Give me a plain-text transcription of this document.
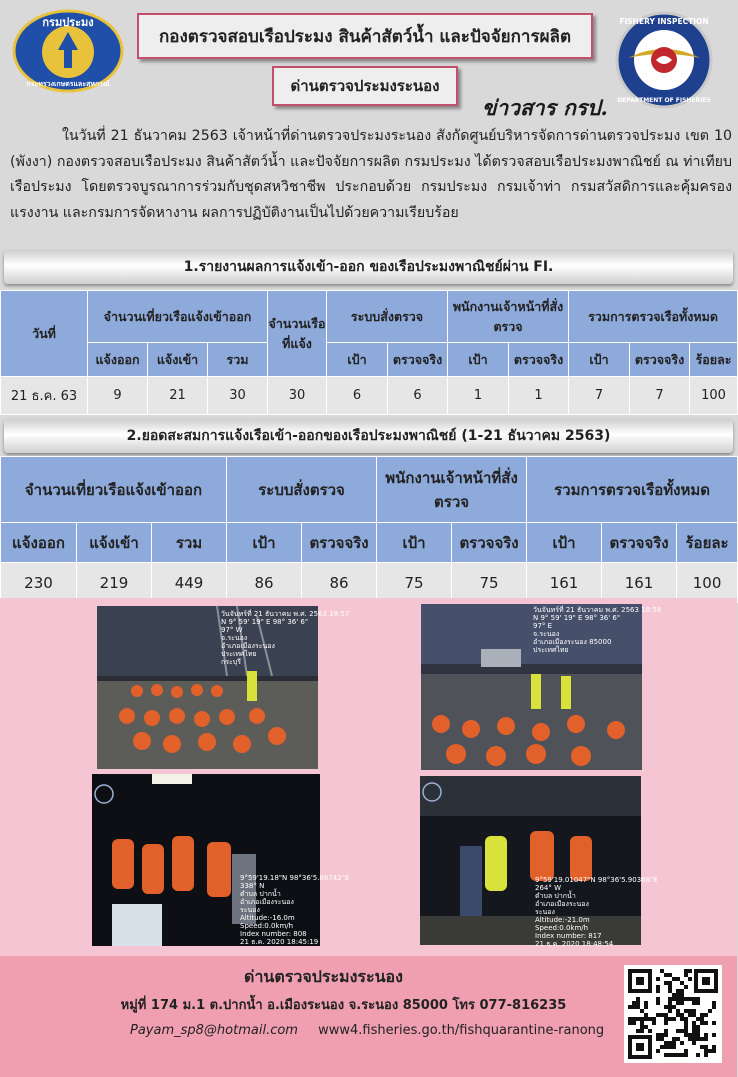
กรมประมง
กระทรวงเกษตรและสหกรณ์
กองตรวจสอบเรือประมง สินค้าสัตว์น้ำ และปัจจัยการผลิต
ด่านตรวจประมงระนอง
FISHERY INSPECTION
DEPARTMENT OF FISHERIES
ข่าวสาร กรป.

ในวันที่ 21 ธันวาคม 2563 เจ้าหน้าที่ด่านตรวจประมงระนอง สังกัดศูนย์บริหารจัดการด่านตรวจประมง เขต 10 (พังงา) กองตรวจสอบเรือประมง สินค้าสัตว์น้ำ และปัจจัยการผลิต กรมประมง ได้ตรวจสอบเรือประมงพาณิชย์ ณ ท่าเทียบเรือประมง โดยตรวจบูรณาการร่วมกับชุดสหวิชาชีพ ประกอบด้วย กรมประมง กรมเจ้าท่า กรมสวัสดิการและคุ้มครองแรงงาน และกรมการจัดหางาน ผลการปฏิบัติงานเป็นไปด้วยความเรียบร้อย

1.รายงานผลการแจ้งเข้า-ออก ของเรือประมงพาณิชย์ผ่าน FI.
วันที่	จำนวนเที่ยวเรือแจ้งเข้าออก			จำนวนเรือที่แจ้ง	ระบบสั่งตรวจ		พนักงานเจ้าหน้าที่สั่งตรวจ		รวมการตรวจเรือทั้งหมด		
	แจ้งออก	แจ้งเข้า	รวม		เป้า	ตรวจจริง	เป้า	ตรวจจริง	เป้า	ตรวจจริง	ร้อยละ
21 ธ.ค. 63	9	21	30	30	6	6	1	1	7	7	100
2.ยอดสะสมการแจ้งเรือเข้า-ออกของเรือประมงพาณิชย์ (1-21 ธันวาคม 2563)
จำนวนเที่ยวเรือแจ้งเข้าออก			ระบบสั่งตรวจ		พนักงานเจ้าหน้าที่สั่งตรวจ		รวมการตรวจเรือทั้งหมด		
แจ้งออก	แจ้งเข้า	รวม	เป้า	ตรวจจริง	เป้า	ตรวจจริง	เป้า	ตรวจจริง	ร้อยละ
230	219	449	86	86	75	75	161	161	100
วันจันทร์ที่ 21 ธันวาคม พ.ศ. 2563 18:57
N 9° 59' 19" E 98° 36' 6"
97° W
จ.ระนอง
อำเภอเมืองระนอง
ประเทศไทย
กระบุรี
วันจันทร์ที่ 21 ธันวาคม พ.ศ. 2563 18:58
N 9° 59' 19" E 98° 36' 6"
97° E
จ.ระนอง
อำเภอเมืองระนอง 85000
ประเทศไทย
9°59'19.18"N 98°36'5.86742"E
338° N
ตำบล ปากน้ำ
อำเภอเมืองระนอง
ระนอง
Altitude:-16.0m
Speed:0.0km/h
Index number: 808
21 ธ.ค. 2020 18:45:19
9°59'19.01047"N 98°36'5.90368"E
264° W
ตำบล ปากน้ำ
อำเภอเมืองระนอง
ระนอง
Altitude:-21.0m
Speed:0.0km/h
Index number: 817
21 ธ.ค. 2020 18:48:54
ด่านตรวจประมงระนอง
หมู่ที่ 174 ม.1 ต.ปากน้ำ อ.เมืองระนอง จ.ระนอง 85000 โทร 077-816235
Payam_sp8@hotmail.com www4.fisheries.go.th/fishquarantine-ranong
